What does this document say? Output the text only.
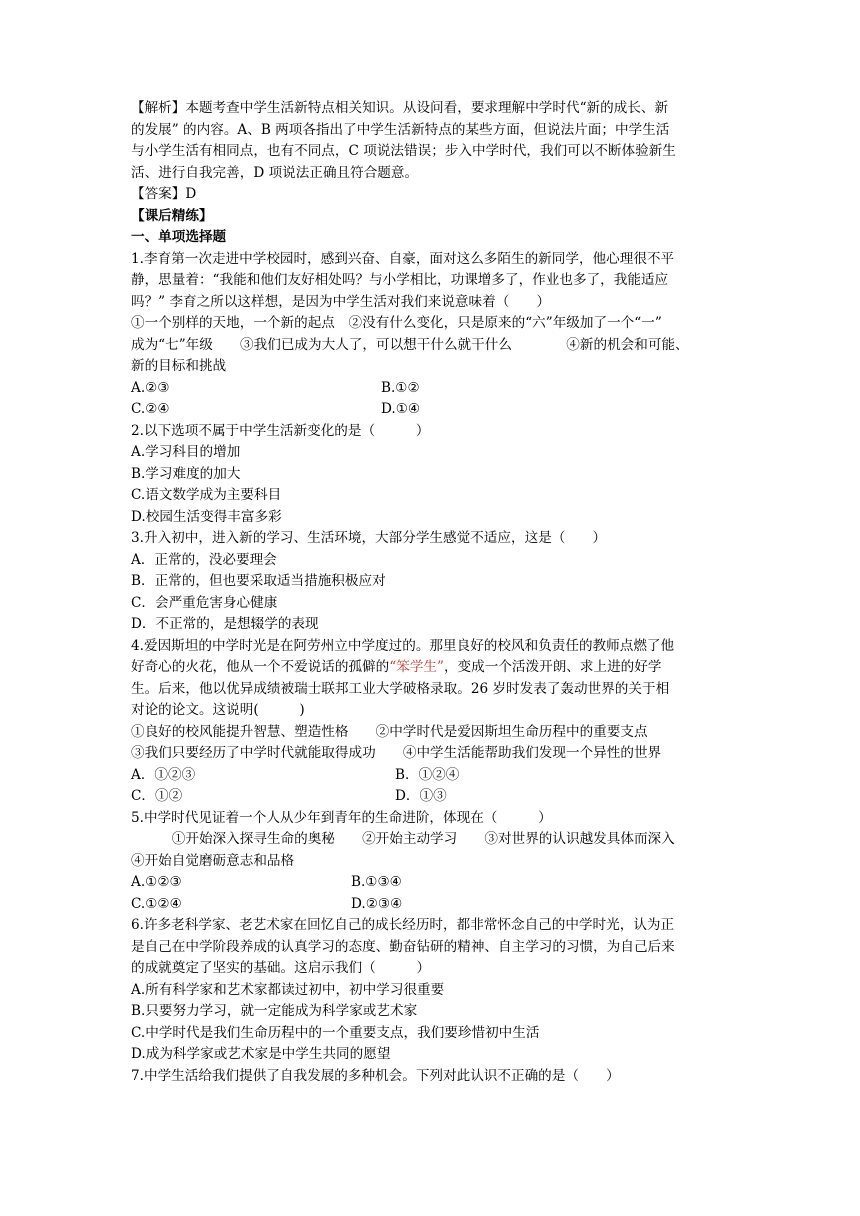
【解析】本题考查中学生活新特点相关知识。从设问看，要求理解中学时代“新的成长、新
的发展” 的内容。A、B 两项各指出了中学生活新特点的某些方面，但说法片面；中学生活
与小学生活有相同点，也有不同点，C 项说法错误；步入中学时代，我们可以不断体验新生
活、进行自我完善，D 项说法正确且符合题意。
【答案】D
【课后精练】
一、单项选择题
1.李育第一次走进中学校园时，感到兴奋、自豪，面对这么多陌生的新同学，他心理很不平
静，思量着：“我能和他们友好相处吗？与小学相比，功课增多了，作业也多了，我能适应
吗？” 李育之所以这样想，是因为中学生活对我们来说意味着（　　）
①一个别样的天地，一个新的起点　②没有什么变化，只是原来的“六”年级加了一个“一”
成为“七”年级　　③我们已成为大人了，可以想干什么就干什么　　　　④新的机会和可能、
新的目标和挑战
A.②③	B.①②
C.②④	D.①④
2.以下选项不属于中学生活新变化的是（　　　）
A.学习科目的增加
B.学习难度的加大
C.语文数学成为主要科目
D.校园生活变得丰富多彩
3.升入初中，进入新的学习、生活环境，大部分学生感觉不适应，这是（　　）
A．正常的，没必要理会
B．正常的，但也要采取适当措施积极应对
C．会严重危害身心健康
D．不正常的，是想辍学的表现
4.爱因斯坦的中学时光是在阿劳州立中学度过的。那里良好的校风和负责任的教师点燃了他
好奇心的火花，他从一个不爱说话的孤僻的“笨学生”，变成一个活泼开朗、求上进的好学
生。后来，他以优异成绩被瑞士联邦工业大学破格录取。26 岁时发表了轰动世界的关于相
对论的论文。这说明(　　　)
①良好的校风能提升智慧、塑造性格　　②中学时代是爱因斯坦生命历程中的重要支点
③我们只要经历了中学时代就能取得成功　　④中学生活能帮助我们发现一个异性的世界
A．①②③	B．①②④
C．①②	D．①③
5.中学时代见证着一个人从少年到青年的生命进阶，体现在（　　　）
　　　①开始深入探寻生命的奥秘　　②开始主动学习　　③对世界的认识越发具体而深入
④开始自觉磨砺意志和品格
A.①②③	B.①③④
C.①②④	D.②③④
6.许多老科学家、老艺术家在回忆自己的成长经历时，都非常怀念自己的中学时光，认为正
是自己在中学阶段养成的认真学习的态度、勤奋钻研的精神、自主学习的习惯，为自己后来
的成就奠定了坚实的基础。这启示我们（　　　）
A.所有科学家和艺术家都读过初中，初中学习很重要
B.只要努力学习，就一定能成为科学家或艺术家
C.中学时代是我们生命历程中的一个重要支点，我们要珍惜初中生活
D.成为科学家或艺术家是中学生共同的愿望
7.中学生活给我们提供了自我发展的多种机会。下列对此认识不正确的是（　　）
